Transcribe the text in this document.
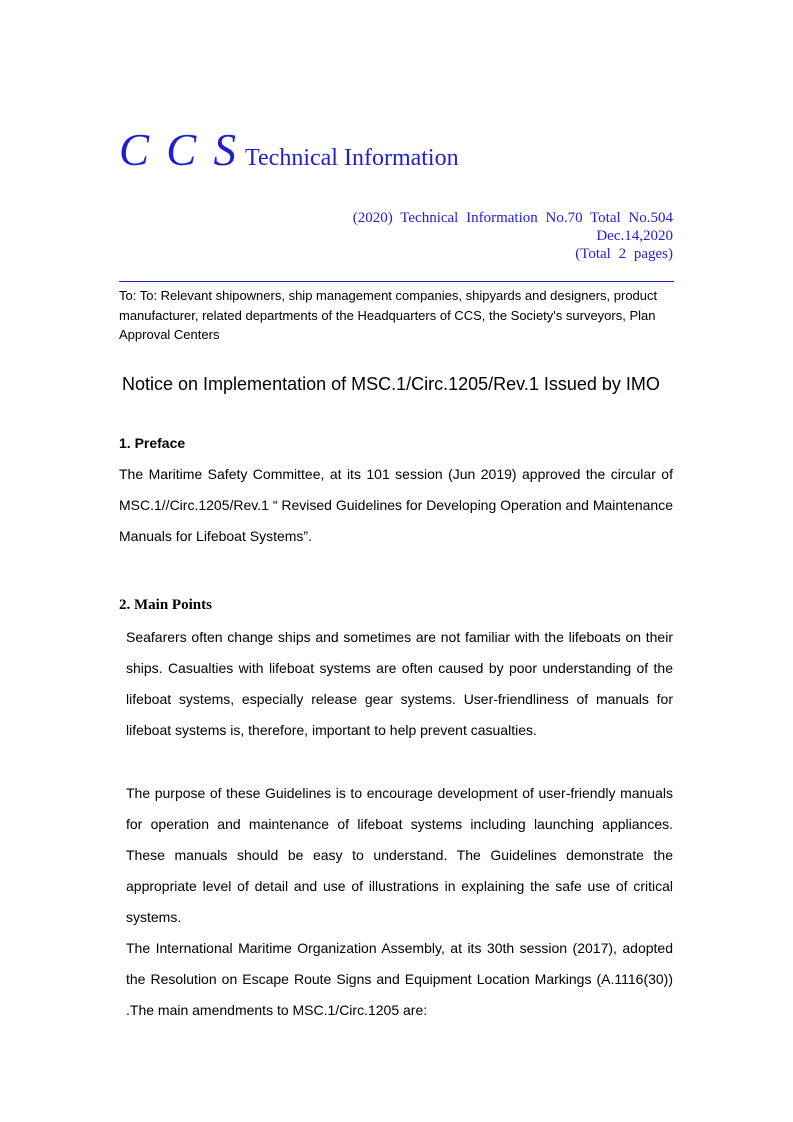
C C S Technical Information
(2020) Technical Information No.70 Total No.504
Dec.14,2020
(Total 2 pages)
To: To: Relevant shipowners, ship management companies, shipyards and designers, product manufacturer, related departments of the Headquarters of CCS, the Society's surveyors, Plan Approval Centers
Notice on Implementation of MSC.1/Circ.1205/Rev.1 Issued by IMO
1. Preface
The Maritime Safety Committee, at its 101 session (Jun 2019) approved the circular of MSC.1//Circ.1205/Rev.1 “ Revised Guidelines for Developing Operation and Maintenance Manuals for Lifeboat Systems”.
2. Main Points
Seafarers often change ships and sometimes are not familiar with the lifeboats on their ships. Casualties with lifeboat systems are often caused by poor understanding of the lifeboat systems, especially release gear systems. User-friendliness of manuals for lifeboat systems is, therefore, important to help prevent casualties.
The purpose of these Guidelines is to encourage development of user-friendly manuals for operation and maintenance of lifeboat systems including launching appliances. These manuals should be easy to understand. The Guidelines demonstrate the appropriate level of detail and use of illustrations in explaining the safe use of critical systems.
The International Maritime Organization Assembly, at its 30th session (2017), adopted the Resolution on Escape Route Signs and Equipment Location Markings (A.1116(30)) .The main amendments to MSC.1/Circ.1205 are:
